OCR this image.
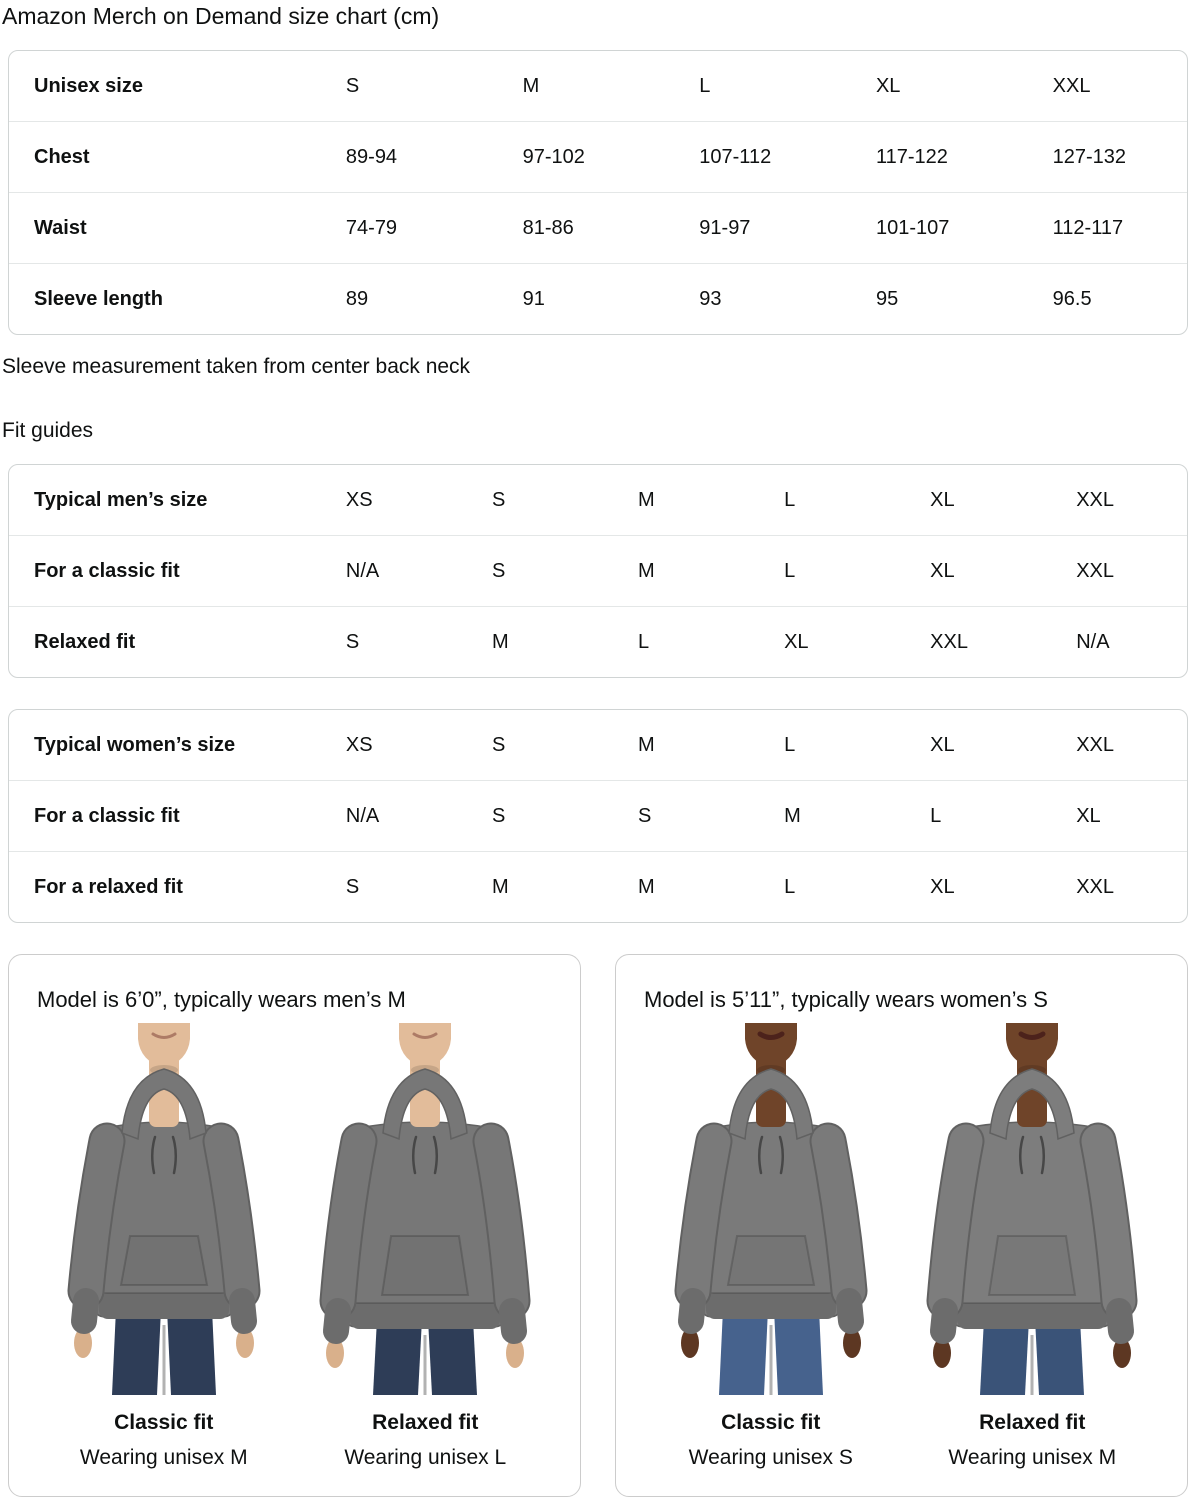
Amazon Merch on Demand size chart (cm)
Unisex size	S	M	L	XL	XXL
Chest	89-94	97-102	107-112	117-122	127-132
Waist	74-79	81-86	91-97	101-107	112-117
Sleeve length	89	91	93	95	96.5

Sleeve measurement taken from center back neck

Fit guides
Typical men’s size	XS	S	M	L	XL	XXL
For a classic fit	N/A	S	M	L	XL	XXL
Relaxed fit	S	M	L	XL	XXL	N/A
Typical women’s size	XS	S	M	L	XL	XXL
For a classic fit	N/A	S	S	M	L	XL
For a relaxed fit	S	M	M	L	XL	XXL

Model is 6’0”, typically wears men’s M

Classic fit
Wearing unisex M
Relaxed fit
Wearing unisex L

Model is 5’11”, typically wears women’s S

Classic fit
Wearing unisex S
Relaxed fit
Wearing unisex M
